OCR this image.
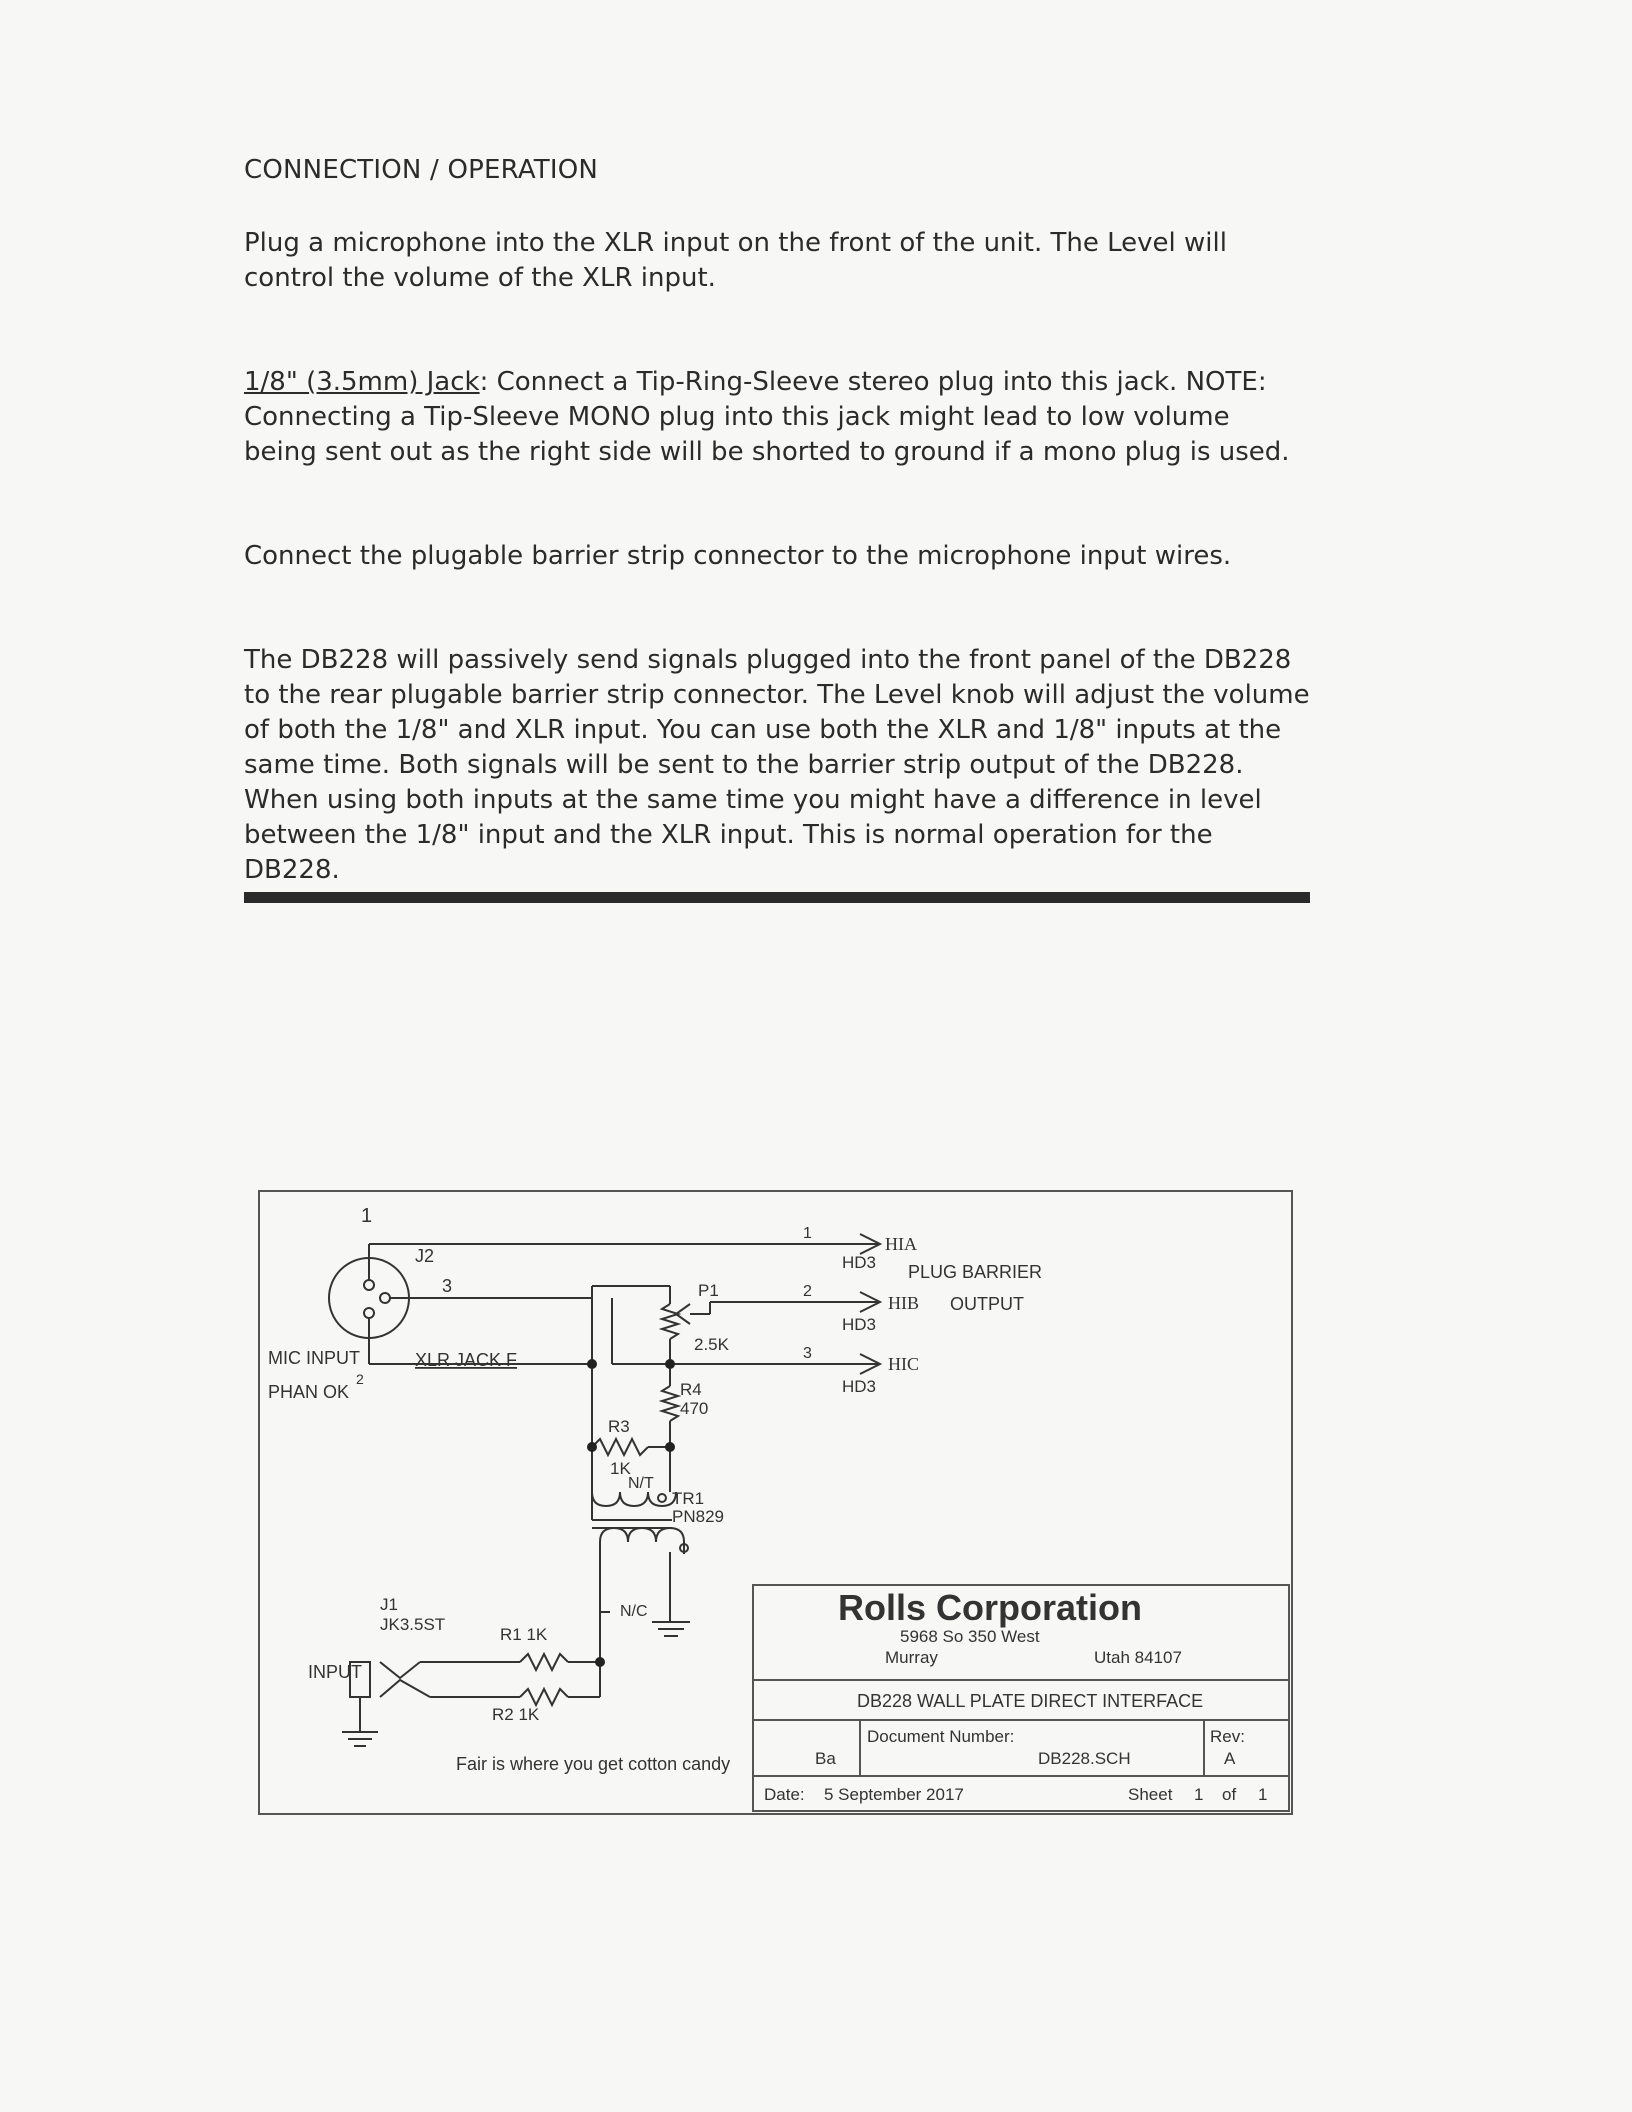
CONNECTION / OPERATION
Plug a microphone into the XLR input on the front of the unit. The Level will control the volume of the XLR input.
1/8" (3.5mm) Jack: Connect a Tip-Ring-Sleeve stereo plug into this jack. NOTE: Connecting a Tip-Sleeve MONO plug into this jack might lead to low volume being sent out as the right side will be shorted to ground if a mono plug is used.
Connect the plugable barrier strip connector to the microphone input wires.
The DB228 will passively send signals plugged into the front panel of the DB228 to the rear plugable barrier strip connector. The Level knob will adjust the volume of both the 1/8" and XLR input. You can use both the XLR and 1/8" inputs at the same time. Both signals will be sent to the barrier strip output of the DB228. When using both inputs at the same time you might have a difference in level between the 1/8" input and the XLR input. This is normal operation for the DB228.
1
J2
3
MIC INPUT	XLR JACK F
PHAN OK
2
1
HIA
HD3 PLUG BARRIER
2
HIB OUTPUT
HD3
3
HIC
HD3
P1
2.5K
R4
470
R3
1K
N/T
TR1
PN829
N/C
J1
JK3.5ST
INPUT
R1 1K
R2 1K
Fair is where you get cotton candy
Rolls Corporation
5968 So 350 West
Murray	Utah 84107
DB228 WALL PLATE DIRECT INTERFACE
Document Number:
Ba	DB228.SCH
Rev:
A
Date: 5 September 2017	Sheet 1 of 1
